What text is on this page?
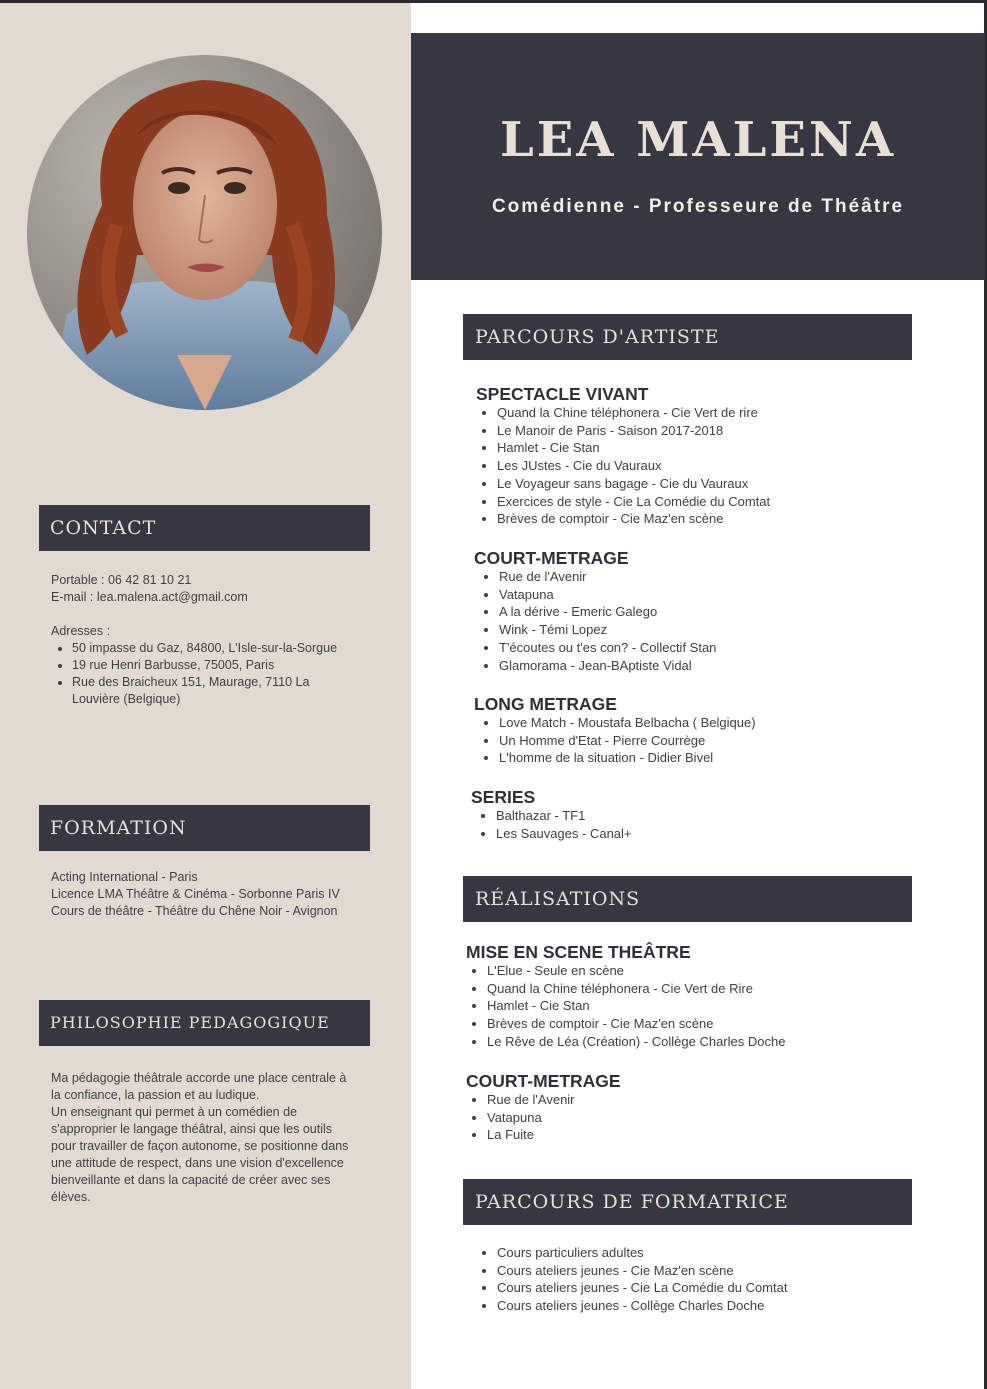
CONTACT

Portable : 06 42 81 10 21

E-mail : lea.malena.act@gmail.com

Adresses :

• 50 impasse du Gaz, 84800, L'Isle-sur-la-Sorgue
• 19 rue Henri Barbusse, 75005, Paris
• Rue des Braicheux 151, Maurage, 7110 La Louvière (Belgique)
FORMATION

Acting International - Paris

Licence LMA Théâtre & Cinéma - Sorbonne Paris IV

Cours de théâtre - Théâtre du Chêne Noir - Avignon

PHILOSOPHIE PEDAGOGIQUE

Ma pédagogie théâtrale accorde une place centrale à la confiance, la passion et au ludique.

Un enseignant qui permet à un comédien de s'approprier le langage théâtral, ainsi que les outils pour travailler de façon autonome, se positionne dans une attitude de respect, dans une vision d'excellence bienveillante et dans la capacité de créer avec ses élèves.

LEA MALENA
Comédienne - Professeure de Théâtre
PARCOURS D'ARTISTE
SPECTACLE VIVANT
• Quand la Chine téléphonera - Cie Vert de rire
• Le Manoir de Paris - Saison 2017-2018
• Hamlet - Cie Stan
• Les JUstes - Cie du Vauraux
• Le Voyageur sans bagage - Cie du Vauraux
• Exercices de style - Cie La Comédie du Comtat
• Brèves de comptoir - Cie Maz'en scène
COURT-METRAGE
• Rue de l'Avenir
• Vatapuna
• A la dérive - Emeric Galego
• Wink - Témi Lopez
• T'écoutes ou t'es con? - Collectif Stan
• Glamorama - Jean-BAptiste Vidal
LONG METRAGE
• Love Match - Moustafa Belbacha ( Belgique)
• Un Homme d'Etat - Pierre Courrège
• L'homme de la situation - Didier Bivel
SERIES
• Balthazar - TF1
• Les Sauvages - Canal+
RÉALISATIONS
MISE EN SCENE THEÂTRE
• L'Elue - Seule en scène
• Quand la Chine téléphonera - Cie Vert de Rire
• Hamlet - Cie Stan
• Brèves de comptoir - Cie Maz'en scène
• Le Rêve de Léa (Création) - Collège Charles Doche
COURT-METRAGE
• Rue de l'Avenir
• Vatapuna
• La Fuite
PARCOURS DE FORMATRICE
• Cours particuliers adultes
• Cours ateliers jeunes - Cie Maz'en scène
• Cours ateliers jeunes - Cie La Comédie du Comtat
• Cours ateliers jeunes - Collège Charles Doche
